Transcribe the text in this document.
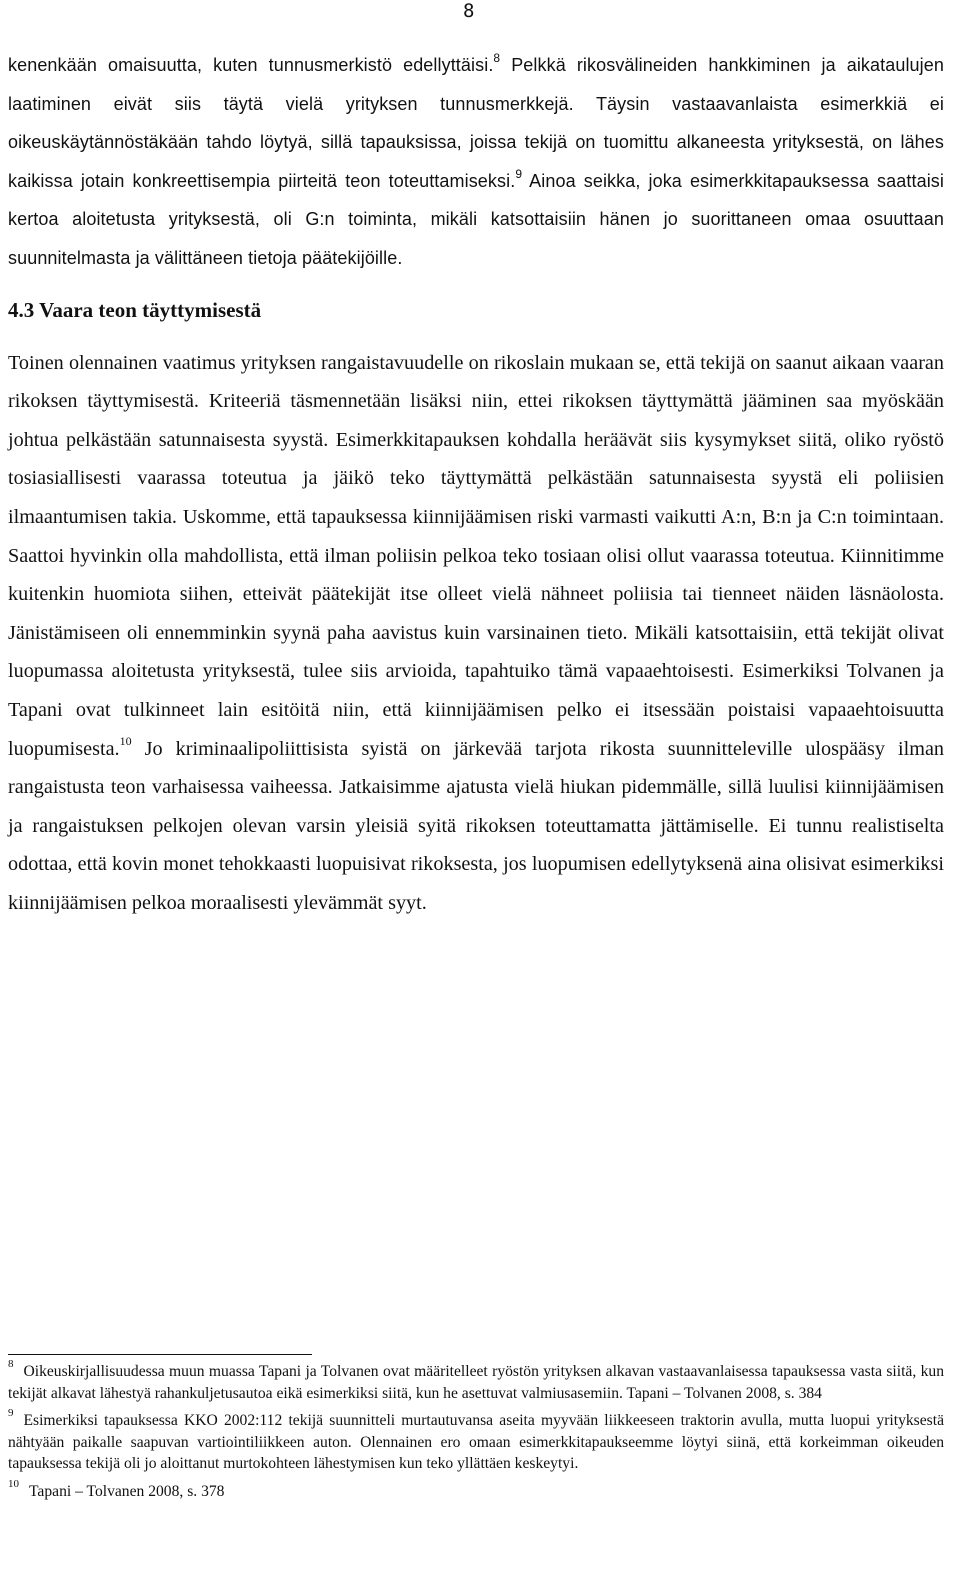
8

kenenkään omaisuutta, kuten tunnusmerkistö edellyttäisi.$^8$ Pelkkä rikosvälineiden hankkiminen ja aikataulujen laatiminen eivät siis täytä vielä yrityksen tunnusmerkkejä. Täysin vastaavanlaista esimerkkiä ei oikeuskäytännöstäkään tahdo löytyä, sillä tapauksissa, joissa tekijä on tuomittu alkaneesta yrityksestä, on lähes kaikissa jotain konkreettisempia piirteitä teon toteuttamiseksi.$^9$ Ainoa seikka, joka esimerkkitapauksessa saattaisi kertoa aloitetusta yrityksestä, oli G:n toiminta, mikäli katsottaisiin hänen jo suorittaneen omaa osuuttaan suunnitelmasta ja välittäneen tietoja päätekijöille.

4.3 Vaara teon täyttymisestä

Toinen olennainen vaatimus yrityksen rangaistavuudelle on rikoslain mukaan se, että tekijä on saanut aikaan vaaran rikoksen täyttymisestä. Kriteeriä täsmennetään lisäksi niin, ettei rikoksen täyttymättä jääminen saa myöskään johtua pelkästään satunnaisesta syystä. Esimerkkitapauksen kohdalla heräävät siis kysymykset siitä, oliko ryöstö tosiasiallisesti vaarassa toteutua ja jäikö teko täyttymättä pelkästään satunnaisesta syystä eli poliisien ilmaantumisen takia. Uskomme, että tapauksessa kiinnijäämisen riski varmasti vaikutti A:n, B:n ja C:n toimintaan. Saattoi hyvinkin olla mahdollista, että ilman poliisin pelkoa teko tosiaan olisi ollut vaarassa toteutua. Kiinnitimme kuitenkin huomiota siihen, etteivät päätekijät itse olleet vielä nähneet poliisia tai tienneet näiden läsnäolosta. Jänistämiseen oli ennemminkin syynä paha aavistus kuin varsinainen tieto. Mikäli katsottaisiin, että tekijät olivat luopumassa aloitetusta yrityksestä, tulee siis arvioida, tapahtuiko tämä vapaaehtoisesti. Esimerkiksi Tolvanen ja Tapani ovat tulkinneet lain esitöitä niin, että kiinnijäämisen pelko ei itsessään poistaisi vapaaehtoisuutta luopumisesta.$^{10}$ Jo kriminaalipoliittisista syistä on järkevää tarjota rikosta suunnitteleville ulospääsy ilman rangaistusta teon varhaisessa vaiheessa. Jatkaisimme ajatusta vielä hiukan pidemmälle, sillä luulisi kiinnijäämisen ja rangaistuksen pelkojen olevan varsin yleisiä syitä rikoksen toteuttamatta jättämiselle. Ei tunnu realistiselta odottaa, että kovin monet tehokkaasti luopuisivat rikoksesta, jos luopumisen edellytyksenä aina olisivat esimerkiksi kiinnijäämisen pelkoa moraalisesti ylevämmät syyt.

$^8$ Oikeuskirjallisuudessa muun muassa Tapani ja Tolvanen ovat määritelleet ryöstön yrityksen alkavan vastaavanlaisessa tapauksessa vasta siitä, kun tekijät alkavat lähestyä rahankuljetusautoa eikä esimerkiksi siitä, kun he asettuvat valmiusasemiin. Tapani – Tolvanen 2008, s. 384

$^9$ Esimerkiksi tapauksessa KKO 2002:112 tekijä suunnitteli murtautuvansa aseita myyvään liikkeeseen traktorin avulla, mutta luopui yrityksestä nähtyään paikalle saapuvan vartiointiliikkeen auton. Olennainen ero omaan esimerkkitapaukseemme löytyi siinä, että korkeimman oikeuden tapauksessa tekijä oli jo aloittanut murtokohteen lähestymisen kun teko yllättäen keskeytyi.

$^{10}$ Tapani – Tolvanen 2008, s. 378
